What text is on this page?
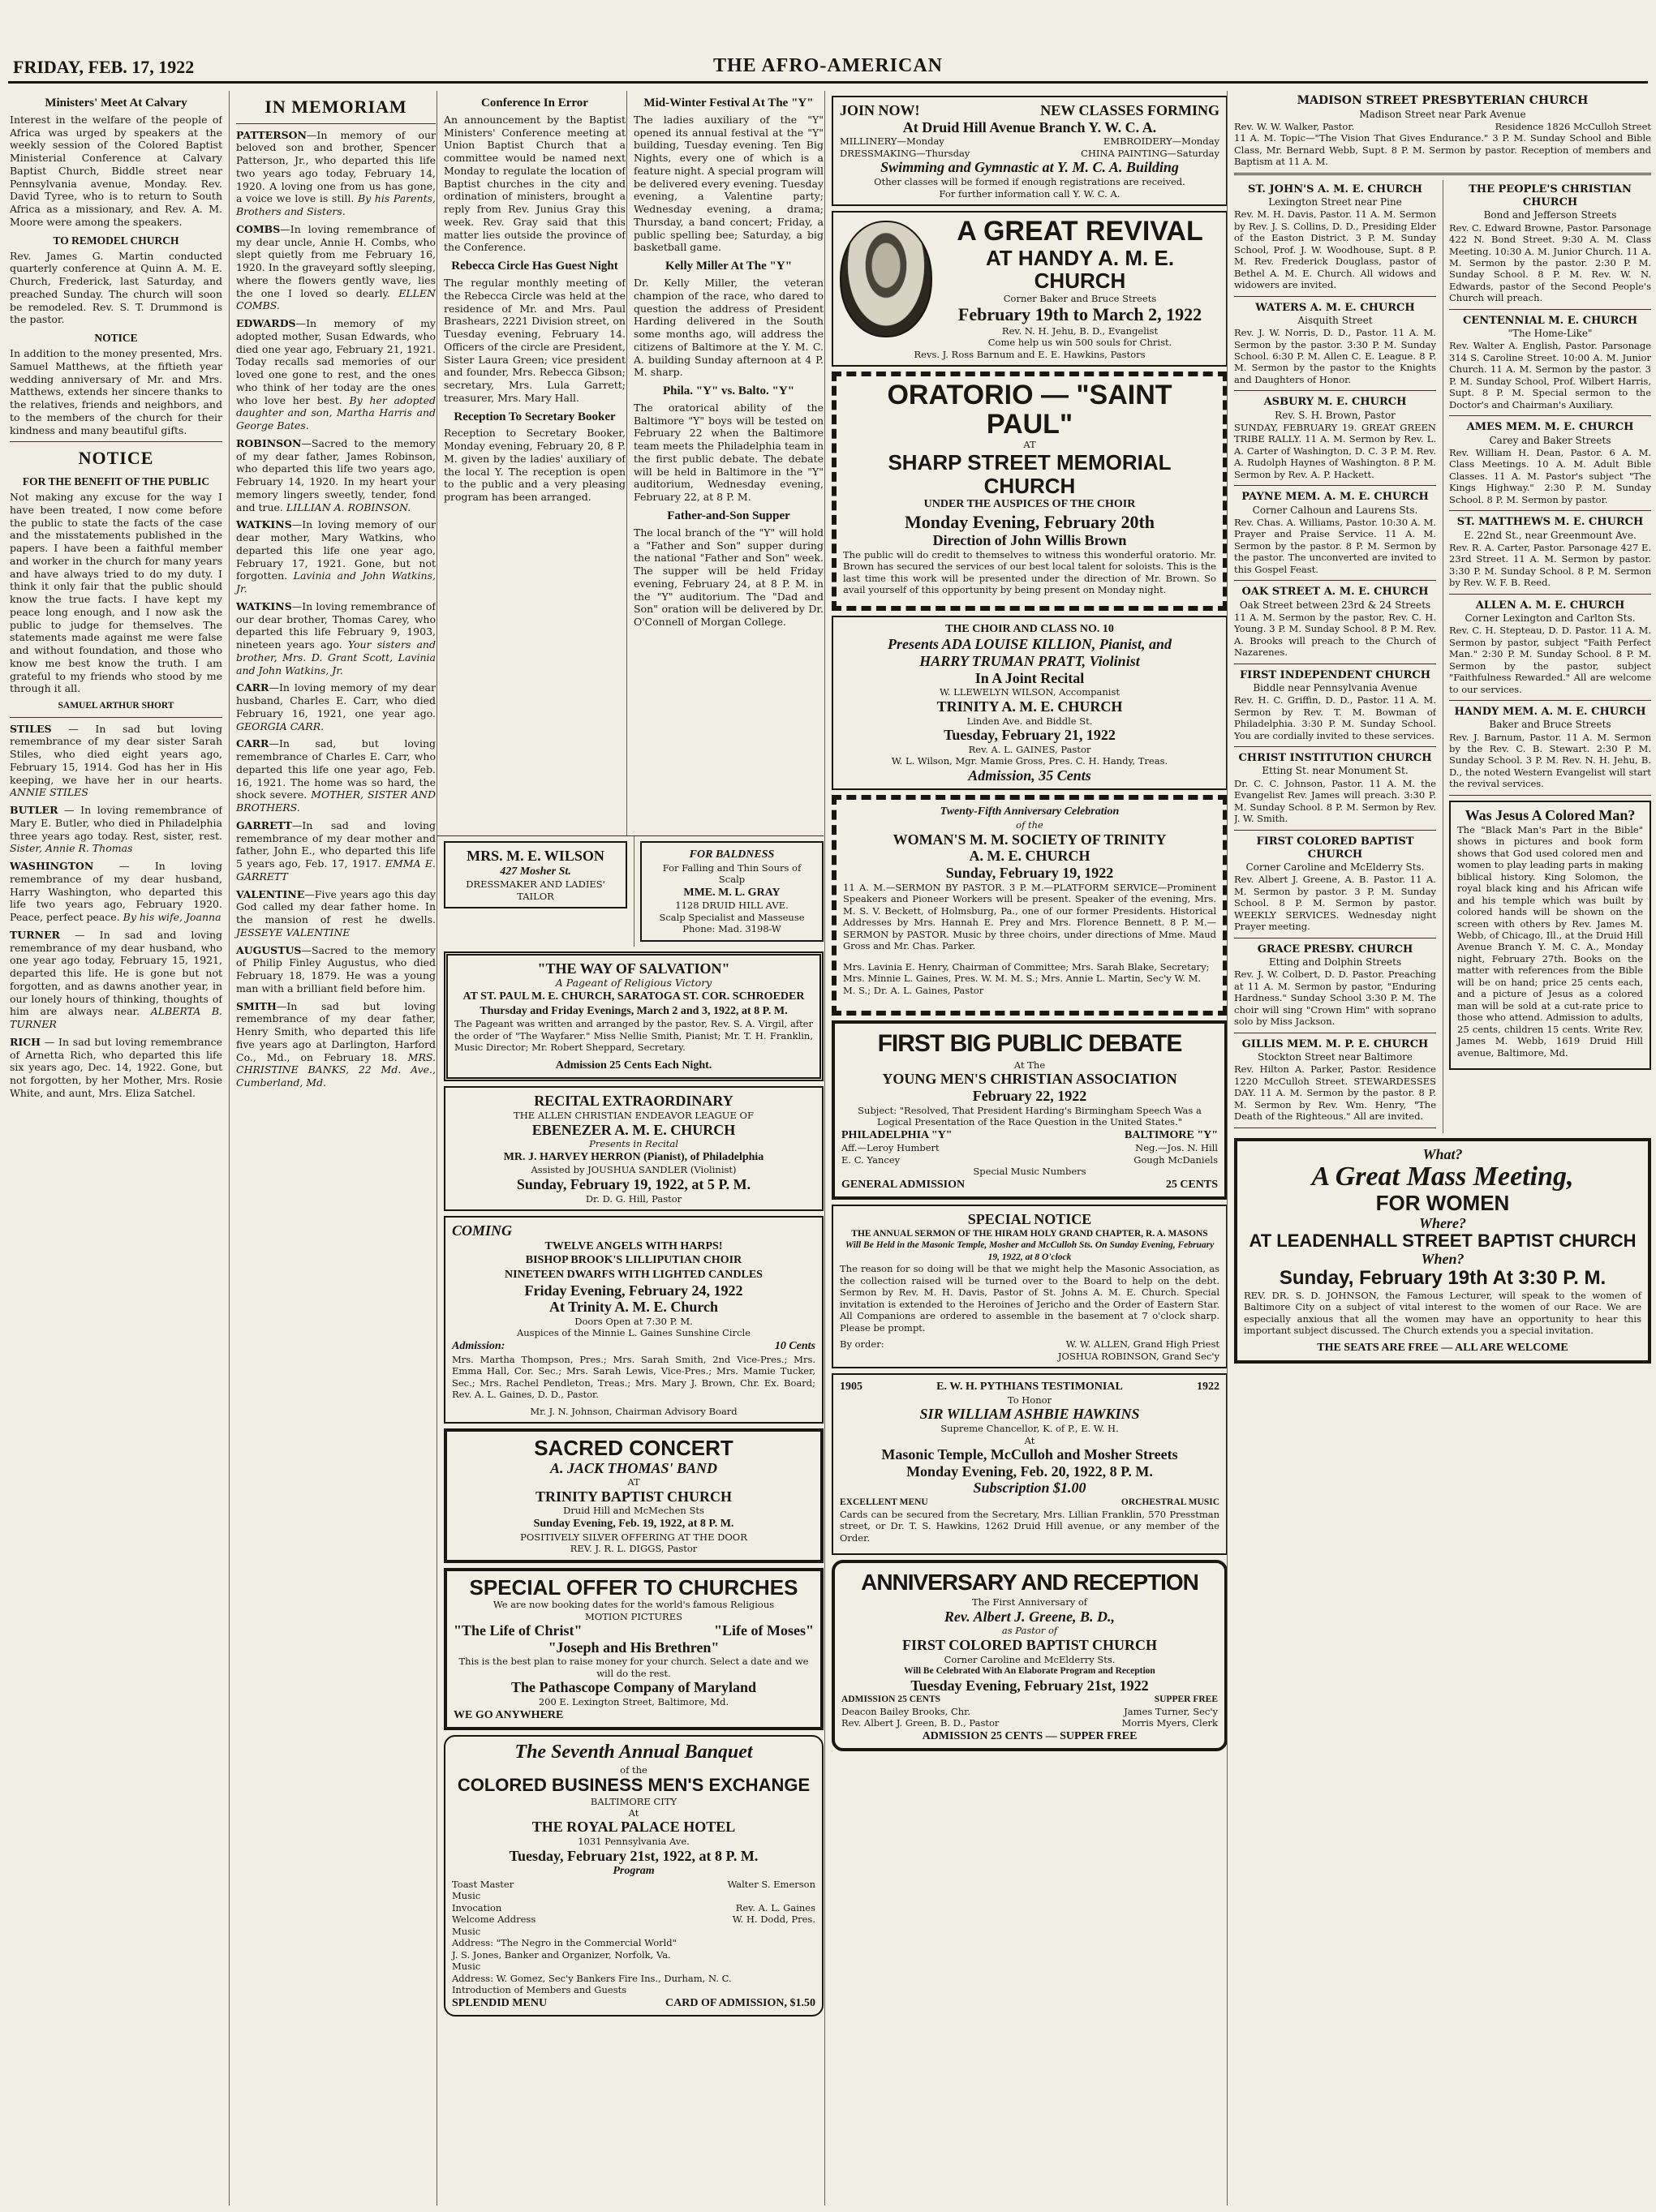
FRIDAY, FEB. 17, 1922	THE AFRO-AMERICAN
Ministers' Meet At Calvary

Interest in the welfare of the people of Africa was urged by speakers at the weekly session of the Colored Baptist Ministerial Conference at Calvary Baptist Church, Biddle street near Pennsylvania avenue, Monday. Rev. David Tyree, who is to return to South Africa as a missionary, and Rev. A. M. Moore were among the speakers.

TO REMODEL CHURCH

Rev. James G. Martin conducted quarterly conference at Quinn A. M. E. Church, Frederick, last Saturday, and preached Sunday. The church will soon be remodeled. Rev. S. T. Drummond is the pastor.

NOTICE

In addition to the money presented, Mrs. Samuel Matthews, at the fiftieth year wedding anniversary of Mr. and Mrs. Matthews, extends her sincere thanks to the relatives, friends and neighbors, and to the members of the church for their kindness and many beautiful gifts.

NOTICE
FOR THE BENEFIT OF THE PUBLIC

Not making any excuse for the way I have been treated, I now come before the public to state the facts of the case and the misstatements published in the papers. I have been a faithful member and worker in the church for many years and have always tried to do my duty. I think it only fair that the public should know the true facts. I have kept my peace long enough, and I now ask the public to judge for themselves. The statements made against me were false and without foundation, and those who know me best know the truth. I am grateful to my friends who stood by me through it all.

SAMUEL ARTHUR SHORT

STILES — In sad but loving remembrance of my dear sister Sarah Stiles, who died eight years ago, February 15, 1914. God has her in His keeping, we have her in our hearts. ANNIE STILES

BUTLER — In loving remembrance of Mary E. Butler, who died in Philadelphia three years ago today. Rest, sister, rest. Sister, Annie R. Thomas

WASHINGTON — In loving remembrance of my dear husband, Harry Washington, who departed this life two years ago, February 1920. Peace, perfect peace. By his wife, Joanna

TURNER — In sad and loving remembrance of my dear husband, who one year ago today, February 15, 1921, departed this life. He is gone but not forgotten, and as dawns another year, in our lonely hours of thinking, thoughts of him are always near. ALBERTA B. TURNER

RICH — In sad but loving remembrance of Arnetta Rich, who departed this life six years ago, Dec. 14, 1922. Gone, but not forgotten, by her Mother, Mrs. Rosie White, and aunt, Mrs. Eliza Satchel.

IN MEMORIAM

PATTERSON—In memory of our beloved son and brother, Spencer Patterson, Jr., who departed this life two years ago today, February 14, 1920. A loving one from us has gone, a voice we love is still. By his Parents, Brothers and Sisters.

COMBS—In loving remembrance of my dear uncle, Annie H. Combs, who slept quietly from me February 16, 1920. In the graveyard softly sleeping, where the flowers gently wave, lies the one I loved so dearly. ELLEN COMBS.

EDWARDS—In memory of my adopted mother, Susan Edwards, who died one year ago, February 21, 1921. Today recalls sad memories of our loved one gone to rest, and the ones who think of her today are the ones who love her best. By her adopted daughter and son, Martha Harris and George Bates.

ROBINSON—Sacred to the memory of my dear father, James Robinson, who departed this life two years ago, February 14, 1920. In my heart your memory lingers sweetly, tender, fond and true. LILLIAN A. ROBINSON.

WATKINS—In loving memory of our dear mother, Mary Watkins, who departed this life one year ago, February 17, 1921. Gone, but not forgotten. Lavinia and John Watkins, Jr.

WATKINS—In loving remembrance of our dear brother, Thomas Carey, who departed this life February 9, 1903, nineteen years ago. Your sisters and brother, Mrs. D. Grant Scott, Lavinia and John Watkins, Jr.

CARR—In loving memory of my dear husband, Charles E. Carr, who died February 16, 1921, one year ago. GEORGIA CARR.

CARR—In sad, but loving remembrance of Charles E. Carr, who departed this life one year ago, Feb. 16, 1921. The home was so hard, the shock severe. MOTHER, SISTER AND BROTHERS.

GARRETT—In sad and loving remembrance of my dear mother and father, John E., who departed this life 5 years ago, Feb. 17, 1917. EMMA E. GARRETT

VALENTINE—Five years ago this day God called my dear father home. In the mansion of rest he dwells. JESSEYE VALENTINE

AUGUSTUS—Sacred to the memory of Philip Finley Augustus, who died February 18, 1879. He was a young man with a brilliant field before him.

SMITH—In sad but loving remembrance of my dear father, Henry Smith, who departed this life five years ago at Darlington, Harford Co., Md., on February 18. MRS. CHRISTINE BANKS, 22 Md. Ave., Cumberland, Md.

Conference In Error

An announcement by the Baptist Ministers' Conference meeting at Union Baptist Church that a committee would be named next Monday to regulate the location of Baptist churches in the city and ordination of ministers, brought a reply from Rev. Junius Gray this week. Rev. Gray said that this matter lies outside the province of the Conference.

Rebecca Circle Has Guest Night

The regular monthly meeting of the Rebecca Circle was held at the residence of Mr. and Mrs. Paul Brashears, 2221 Division street, on Tuesday evening, February 14. Officers of the circle are President, Sister Laura Green; vice president and founder, Mrs. Rebecca Gibson; secretary, Mrs. Lula Garrett; treasurer, Mrs. Mary Hall.

Reception To Secretary Booker

Reception to Secretary Booker, Monday evening, February 20, 8 P. M. given by the ladies' auxiliary of the local Y. The reception is open to the public and a very pleasing program has been arranged.

Mid-Winter Festival At The "Y"

The ladies auxiliary of the "Y" opened its annual festival at the "Y" building, Tuesday evening. Ten Big Nights, every one of which is a feature night. A special program will be delivered every evening. Tuesday evening, a Valentine party; Wednesday evening, a drama; Thursday, a band concert; Friday, a public spelling bee; Saturday, a big basketball game.

Kelly Miller At The "Y"

Dr. Kelly Miller, the veteran champion of the race, who dared to question the address of President Harding delivered in the South some months ago, will address the citizens of Baltimore at the Y. M. C. A. building Sunday afternoon at 4 P. M. sharp.

Phila. "Y" vs. Balto. "Y"

The oratorical ability of the Baltimore "Y" boys will be tested on February 22 when the Baltimore team meets the Philadelphia team in the first public debate. The debate will be held in Baltimore in the "Y" auditorium, Wednesday evening, February 22, at 8 P. M.

Father-and-Son Supper

The local branch of the "Y" will hold a "Father and Son" supper during the national "Father and Son" week. The supper will be held Friday evening, February 24, at 8 P. M. in the "Y" auditorium. The "Dad and Son" oration will be delivered by Dr. O'Connell of Morgan College.

MRS. M. E. WILSON
427 Mosher St.
DRESSMAKER AND LADIES' TAILOR
FOR BALDNESS
For Falling and Thin Sours of Scalp
MME. M. L. GRAY
1128 DRUID HILL AVE.
Scalp Specialist and Masseuse
Phone: Mad. 3198-W
"THE WAY OF SALVATION"
A Pageant of Religious Victory
AT ST. PAUL M. E. CHURCH, SARATOGA ST. COR. SCHROEDER
Thursday and Friday Evenings, March 2 and 3, 1922, at 8 P. M.
The Pageant was written and arranged by the pastor, Rev. S. A. Virgil, after the order of "The Wayfarer." Miss Nellie Smith, Pianist; Mr. T. H. Franklin, Music Director; Mr. Robert Sheppard, Secretary.
Admission 25 Cents Each Night.
RECITAL EXTRAORDINARY
THE ALLEN CHRISTIAN ENDEAVOR LEAGUE OF
EBENEZER A. M. E. CHURCH
Presents in Recital
MR. J. HARVEY HERRON (Pianist), of Philadelphia
Assisted by JOUSHUA SANDLER (Violinist)
Sunday, February 19, 1922, at 5 P. M.
Dr. D. G. Hill, Pastor
COMING
TWELVE ANGELS WITH HARPS!
BISHOP BROOK'S LILLIPUTIAN CHOIR
NINETEEN DWARFS WITH LIGHTED CANDLES
Friday Evening, February 24, 1922
At Trinity A. M. E. Church
Doors Open at 7:30 P. M.
Auspices of the Minnie L. Gaines Sunshine Circle
Admission:	10 Cents
Mrs. Martha Thompson, Pres.; Mrs. Sarah Smith, 2nd Vice-Pres.; Mrs. Emma Hall, Cor. Sec.; Mrs. Sarah Lewis, Vice-Pres.; Mrs. Mamie Tucker, Sec.; Mrs. Rachel Pendleton, Treas.; Mrs. Mary J. Brown, Chr. Ex. Board; Rev. A. L. Gaines, D. D., Pastor.
Mr. J. N. Johnson, Chairman Advisory Board
SACRED CONCERT
A. JACK THOMAS' BAND
AT
TRINITY BAPTIST CHURCH
Druid Hill and McMechen Sts
Sunday Evening, Feb. 19, 1922, at 8 P. M.
POSITIVELY SILVER OFFERING AT THE DOOR
REV. J. R. L. DIGGS, Pastor
SPECIAL OFFER TO CHURCHES
We are now booking dates for the world's famous Religious
MOTION PICTURES
"The Life of Christ"	"Life of Moses"
"Joseph and His Brethren"
This is the best plan to raise money for your church. Select a date and we will do the rest.
The Pathascope Company of Maryland
200 E. Lexington Street, Baltimore, Md.
WE GO ANYWHERE
The Seventh Annual Banquet
of the
COLORED BUSINESS MEN'S EXCHANGE
BALTIMORE CITY
At
THE ROYAL PALACE HOTEL
1031 Pennsylvania Ave.
Tuesday, February 21st, 1922, at 8 P. M.
Program
Toast Master	Walter S. Emerson
Music
Invocation	Rev. A. L. Gaines
Welcome Address	W. H. Dodd, Pres.
Music
Address: "The Negro in the Commercial World"
J. S. Jones, Banker and Organizer, Norfolk, Va.
Music
Address: W. Gomez, Sec'y Bankers Fire Ins., Durham, N. C.
Introduction of Members and Guests
SPLENDID MENU	CARD OF ADMISSION, $1.50
JOIN NOW!	NEW CLASSES FORMING
At Druid Hill Avenue Branch Y. W. C. A.
MILLINERY—Monday	EMBROIDERY—Monday
DRESSMAKING—Thursday	CHINA PAINTING—Saturday
Swimming and Gymnastic at Y. M. C. A. Building
Other classes will be formed if enough registrations are received.
For further information call Y. W. C. A.
A GREAT REVIVAL
AT HANDY A. M. E. CHURCH
Corner Baker and Bruce Streets
February 19th to March 2, 1922
Rev. N. H. Jehu, B. D., Evangelist
Come help us win 500 souls for Christ.
Revs. J. Ross Barnum and E. E. Hawkins, Pastors
ORATORIO — "SAINT PAUL"
AT
SHARP STREET MEMORIAL CHURCH
UNDER THE AUSPICES OF THE CHOIR
Monday Evening, February 20th
Direction of John Willis Brown

The public will do credit to themselves to witness this wonderful oratorio. Mr. Brown has secured the services of our best local talent for soloists. This is the last time this work will be presented under the direction of Mr. Brown. So avail yourself of this opportunity by being present on Monday night.

THE CHOIR AND CLASS NO. 10
Presents ADA LOUISE KILLION, Pianist, and
HARRY TRUMAN PRATT, Violinist
In A Joint Recital
W. LLEWELYN WILSON, Accompanist
TRINITY A. M. E. CHURCH
Linden Ave. and Biddle St.
Tuesday, February 21, 1922
Rev. A. L. GAINES, Pastor
W. L. Wilson, Mgr. Mamie Gross, Pres. C. H. Handy, Treas.
Admission, 35 Cents
Twenty-Fifth Anniversary Celebration
of the
WOMAN'S M. M. SOCIETY OF TRINITY
A. M. E. CHURCH
Sunday, February 19, 1922

11 A. M.—SERMON BY PASTOR. 3 P. M.—PLATFORM SERVICE—Prominent Speakers and Pioneer Workers will be present. Speaker of the evening, Mrs. M. S. V. Beckett, of Holmsburg, Pa., one of our former Presidents. Historical Addresses by Mrs. Hannah E. Prey and Mrs. Florence Bennett. 8 P. M.—SERMON by PASTOR. Music by three choirs, under directions of Mme. Maud Gross and Mr. Chas. Parker.

Mrs. Lavinia E. Henry, Chairman of Committee; Mrs. Sarah Blake, Secretary; Mrs. Minnie L. Gaines, Pres. W. M. M. S.; Mrs. Annie L. Martin, Sec'y W. M. M. S.; Dr. A. L. Gaines, Pastor

FIRST BIG PUBLIC DEBATE
At The
YOUNG MEN'S CHRISTIAN ASSOCIATION
February 22, 1922
Subject: "Resolved, That President Harding's Birmingham Speech Was a Logical Presentation of the Race Question in the United States."
PHILADELPHIA "Y"	BALTIMORE "Y"
Aff.—Leroy Humbert	Neg.—Jos. N. Hill
E. C. Yancey	Gough McDaniels
Special Music Numbers
GENERAL ADMISSION	25 CENTS
SPECIAL NOTICE
THE ANNUAL SERMON OF THE HIRAM HOLY GRAND CHAPTER, R. A. MASONS
Will Be Held in the Masonic Temple, Mosher and McCulloh Sts. On Sunday Evening, February 19, 1922, at 8 O'clock

The reason for so doing will be that we might help the Masonic Association, as the collection raised will be turned over to the Board to help on the debt. Sermon by Rev. M. H. Davis, Pastor of St. Johns A. M. E. Church. Special invitation is extended to the Heroines of Jericho and the Order of Eastern Star. All Companions are ordered to assemble in the basement at 7 o'clock sharp. Please be prompt.

By order:	W. W. ALLEN, Grand High Priest
JOSHUA ROBINSON, Grand Sec'y
1905	E. W. H. PYTHIANS TESTIMONIAL	1922
To Honor
SIR WILLIAM ASHBIE HAWKINS
Supreme Chancellor, K. of P., E. W. H.
At
Masonic Temple, McCulloh and Mosher Streets
Monday Evening, Feb. 20, 1922, 8 P. M.
Subscription $1.00
EXCELLENT MENU	ORCHESTRAL MUSIC

Cards can be secured from the Secretary, Mrs. Lillian Franklin, 570 Presstman street, or Dr. T. S. Hawkins, 1262 Druid Hill avenue, or any member of the Order.

ANNIVERSARY AND RECEPTION
The First Anniversary of
Rev. Albert J. Greene, B. D.,
as Pastor of
FIRST COLORED BAPTIST CHURCH
Corner Caroline and McElderry Sts.
Will Be Celebrated With An Elaborate Program and Reception
Tuesday Evening, February 21st, 1922
ADMISSION 25 CENTS	SUPPER FREE
Deacon Bailey Brooks, Chr.	James Turner, Sec'y
Rev. Albert J. Green, B. D., Pastor	Morris Myers, Clerk
ADMISSION 25 CENTS — SUPPER FREE
MADISON STREET PRESBYTERIAN CHURCH
Madison Street near Park Avenue
Rev. W. W. Walker, Pastor.	Residence 1826 McCulloh Street

11 A. M. Topic—"The Vision That Gives Endurance." 3 P. M. Sunday School and Bible Class, Mr. Bernard Webb, Supt. 8 P. M. Sermon by pastor. Reception of members and Baptism at 11 A. M.

ST. JOHN'S A. M. E. CHURCH
Lexington Street near Pine

Rev. M. H. Davis, Pastor. 11 A. M. Sermon by Rev. J. S. Collins, D. D., Presiding Elder of the Easton District. 3 P. M. Sunday School, Prof. J. W. Woodhouse, Supt. 8 P. M. Rev. Frederick Douglass, pastor of Bethel A. M. E. Church. All widows and widowers are invited.

WATERS A. M. E. CHURCH
Aisquith Street

Rev. J. W. Norris, D. D., Pastor. 11 A. M. Sermon by the pastor. 3:30 P. M. Sunday School. 6:30 P. M. Allen C. E. League. 8 P. M. Sermon by the pastor to the Knights and Daughters of Honor.

ASBURY M. E. CHURCH
Rev. S. H. Brown, Pastor

SUNDAY, FEBRUARY 19. GREAT GREEN TRIBE RALLY. 11 A. M. Sermon by Rev. L. A. Carter of Washington, D. C. 3 P. M. Rev. A. Rudolph Haynes of Washington. 8 P. M. Sermon by Rev. A. P. Hackett.

PAYNE MEM. A. M. E. CHURCH
Corner Calhoun and Laurens Sts.

Rev. Chas. A. Williams, Pastor. 10:30 A. M. Prayer and Praise Service. 11 A. M. Sermon by the pastor. 8 P. M. Sermon by the pastor. The unconverted are invited to this Gospel Feast.

OAK STREET A. M. E. CHURCH
Oak Street between 23rd & 24 Streets

11 A. M. Sermon by the pastor, Rev. C. H. Young. 3 P. M. Sunday School. 8 P. M. Rev. A. Brooks will preach to the Church of Nazarenes.

FIRST INDEPENDENT CHURCH
Biddle near Pennsylvania Avenue

Rev. H. C. Griffin, D. D., Pastor. 11 A. M. Sermon by Rev. T. M. Bowman of Philadelphia. 3:30 P. M. Sunday School. You are cordially invited to these services.

CHRIST INSTITUTION CHURCH
Etting St. near Monument St.

Dr. C. C. Johnson, Pastor. 11 A. M. the Evangelist Rev. James will preach. 3:30 P. M. Sunday School. 8 P. M. Sermon by Rev. J. W. Smith.

FIRST COLORED BAPTIST CHURCH
Corner Caroline and McElderry Sts.

Rev. Albert J. Greene, A. B. Pastor. 11 A. M. Sermon by pastor. 3 P. M. Sunday School. 8 P. M. Sermon by pastor. WEEKLY SERVICES. Wednesday night Prayer meeting.

GRACE PRESBY. CHURCH
Etting and Dolphin Streets

Rev. J. W. Colbert, D. D. Pastor. Preaching at 11 A. M. Sermon by pastor, "Enduring Hardness." Sunday School 3:30 P. M. The choir will sing "Crown Him" with soprano solo by Miss Jackson.

GILLIS MEM. M. P. E. CHURCH
Stockton Street near Baltimore

Rev. Hilton A. Parker, Pastor. Residence 1220 McCulloh Street. STEWARDESSES DAY. 11 A. M. Sermon by the pastor. 8 P. M. Sermon by Rev. Wm. Henry, "The Death of the Righteous." All are invited.

THE PEOPLE'S CHRISTIAN CHURCH
Bond and Jefferson Streets

Rev. C. Edward Browne, Pastor. Parsonage 422 N. Bond Street. 9:30 A. M. Class Meeting. 10:30 A. M. Junior Church. 11 A. M. Sermon by the pastor. 2:30 P. M. Sunday School. 8 P. M. Rev. W. N. Edwards, pastor of the Second People's Church will preach.

CENTENNIAL M. E. CHURCH
"The Home-Like"

Rev. Walter A. English, Pastor. Parsonage 314 S. Caroline Street. 10:00 A. M. Junior Church. 11 A. M. Sermon by the pastor. 3 P. M. Sunday School, Prof. Wilbert Harris, Supt. 8 P. M. Special sermon to the Doctor's and Chairman's Auxiliary.

AMES MEM. M. E. CHURCH
Carey and Baker Streets

Rev. William H. Dean, Pastor. 6 A. M. Class Meetings. 10 A. M. Adult Bible Classes. 11 A. M. Pastor's subject "The Kings Highway." 2:30 P. M. Sunday School. 8 P. M. Sermon by pastor.

ST. MATTHEWS M. E. CHURCH
E. 22nd St., near Greenmount Ave.

Rev. R. A. Carter, Pastor. Parsonage 427 E. 23rd Street. 11 A. M. Sermon by pastor. 3:30 P. M. Sunday School. 8 P. M. Sermon by Rev. W. F. B. Reed.

ALLEN A. M. E. CHURCH
Corner Lexington and Carlton Sts.

Rev. C. H. Stepteau, D. D. Pastor. 11 A. M. Sermon by pastor, subject "Faith Perfect Man." 2:30 P. M. Sunday School. 8 P. M. Sermon by the pastor, subject "Faithfulness Rewarded." All are welcome to our services.

HANDY MEM. A. M. E. CHURCH
Baker and Bruce Streets

Rev. J. Barnum, Pastor. 11 A. M. Sermon by the Rev. C. B. Stewart. 2:30 P. M. Sunday School. 3 P. M. Rev. N. H. Jehu, B. D., the noted Western Evangelist will start the revival services.

Was Jesus A Colored Man?

The "Black Man's Part in the Bible" shows in pictures and book form shows that God used colored men and women to play leading parts in making biblical history. King Solomon, the royal black king and his African wife and his temple which was built by colored hands will be shown on the screen with others by Rev. James M. Webb, of Chicago, Ill., at the Druid Hill Avenue Branch Y. M. C. A., Monday night, February 27th. Books on the matter with references from the Bible will be on hand; price 25 cents each, and a picture of Jesus as a colored man will be sold at a cut-rate price to those who attend. Admission to adults, 25 cents, children 15 cents. Write Rev. James M. Webb, 1619 Druid Hill avenue, Baltimore, Md.

What?
A Great Mass Meeting,
FOR WOMEN
Where?
AT LEADENHALL STREET BAPTIST CHURCH
When?
Sunday, February 19th At 3:30 P. M.

REV. DR. S. D. JOHNSON, the Famous Lecturer, will speak to the women of Baltimore City on a subject of vital interest to the women of our Race. We are especially anxious that all the women may have an opportunity to hear this important subject discussed. The Church extends you a special invitation.

THE SEATS ARE FREE — ALL ARE WELCOME
